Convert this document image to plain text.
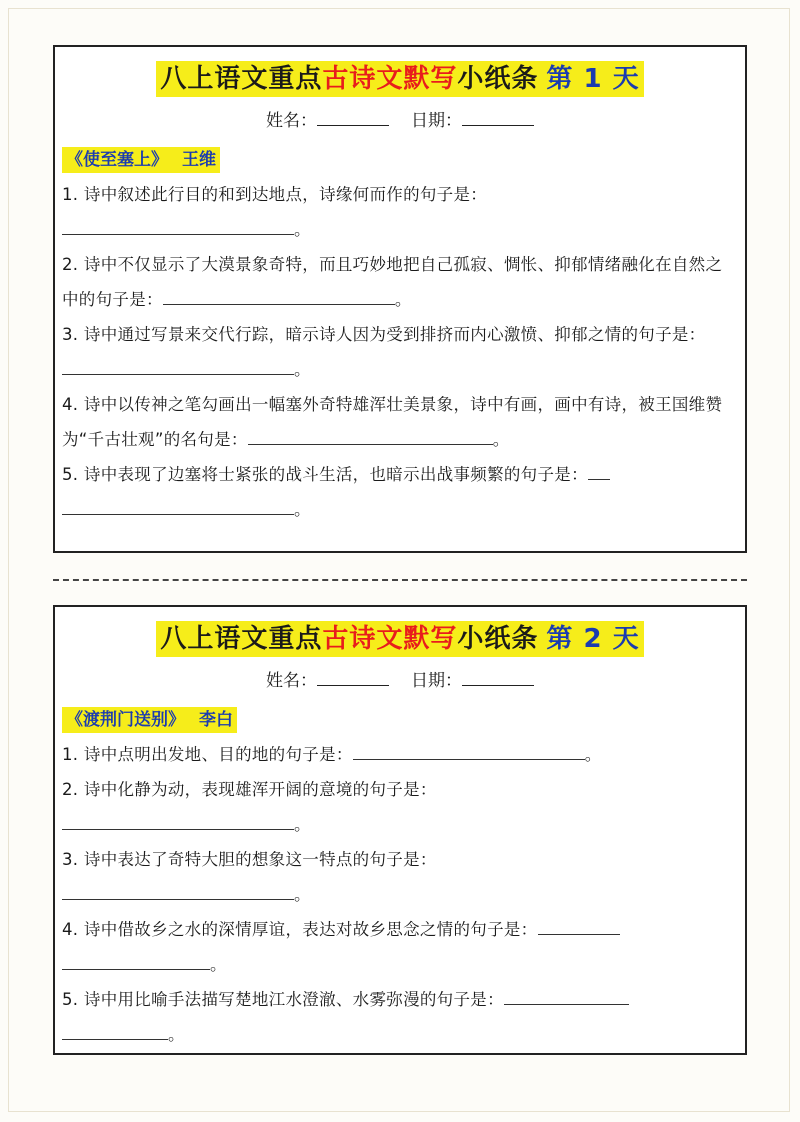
八上语文重点古诗文默写小纸条 第 1 天
姓名：	日期：
《使至塞上》 王维
1. 诗中叙述此行目的和到达地点，诗缘何而作的句子是：
。
2. 诗中不仅显示了大漠景象奇特，而且巧妙地把自己孤寂、惆怅、抑郁情绪融化在自然之中的句子是：	。
3. 诗中通过写景来交代行踪，暗示诗人因为受到排挤而内心激愤、抑郁之情的句子是：。
4. 诗中以传神之笔勾画出一幅塞外奇特雄浑壮美景象，诗中有画，画中有诗，被王国维赞为“千古壮观”的名句是：	。
5. 诗中表现了边塞将士紧张的战斗生活，也暗示出战事频繁的句子是：
。
八上语文重点古诗文默写小纸条 第 2 天
姓名：	日期：
《渡荆门送别》 李白
1. 诗中点明出发地、目的地的句子是：	。
2. 诗中化静为动，表现雄浑开阔的意境的句子是：
。
3. 诗中表达了奇特大胆的想象这一特点的句子是：
。
4. 诗中借故乡之水的深情厚谊，表达对故乡思念之情的句子是：
。
5. 诗中用比喻手法描写楚地江水澄澈、水雾弥漫的句子是：
。
